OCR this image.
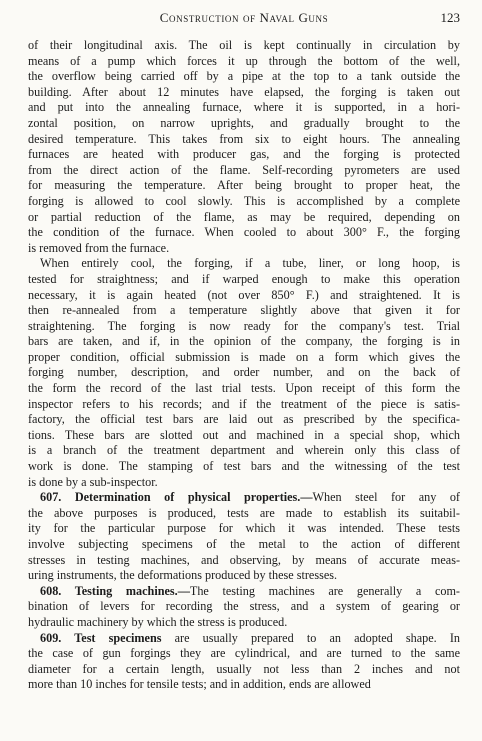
Construction of Naval Guns	123
of their longitudinal axis. The oil is kept continually in circulation by
means of a pump which forces it up through the bottom of the well,
the overflow being carried off by a pipe at the top to a tank outside the
building. After about 12 minutes have elapsed, the forging is taken out
and put into the annealing furnace, where it is supported, in a hori-
zontal position, on narrow uprights, and gradually brought to the
desired temperature. This takes from six to eight hours. The annealing
furnaces are heated with producer gas, and the forging is protected
from the direct action of the flame. Self-recording pyrometers are used
for measuring the temperature. After being brought to proper heat, the
forging is allowed to cool slowly. This is accomplished by a complete
or partial reduction of the flame, as may be required, depending on
the condition of the furnace. When cooled to about 300° F., the forging
is removed from the furnace.
When entirely cool, the forging, if a tube, liner, or long hoop, is
tested for straightness; and if warped enough to make this operation
necessary, it is again heated (not over 850° F.) and straightened. It is
then re-annealed from a temperature slightly above that given it for
straightening. The forging is now ready for the company's test. Trial
bars are taken, and if, in the opinion of the company, the forging is in
proper condition, official submission is made on a form which gives the
forging number, description, and order number, and on the back of
the form the record of the last trial tests. Upon receipt of this form the
inspector refers to his records; and if the treatment of the piece is satis-
factory, the official test bars are laid out as prescribed by the specifica-
tions. These bars are slotted out and machined in a special shop, which
is a branch of the treatment department and wherein only this class of
work is done. The stamping of test bars and the witnessing of the test
is done by a sub-inspector.
607. Determination of physical properties.—When steel for any of
the above purposes is produced, tests are made to establish its suitabil-
ity for the particular purpose for which it was intended. These tests
involve subjecting specimens of the metal to the action of different
stresses in testing machines, and observing, by means of accurate meas-
uring instruments, the deformations produced by these stresses.
608. Testing machines.—The testing machines are generally a com-
bination of levers for recording the stress, and a system of gearing or
hydraulic machinery by which the stress is produced.
609. Test specimens are usually prepared to an adopted shape. In
the case of gun forgings they are cylindrical, and are turned to the same
diameter for a certain length, usually not less than 2 inches and not
more than 10 inches for tensile tests; and in addition, ends are allowed
